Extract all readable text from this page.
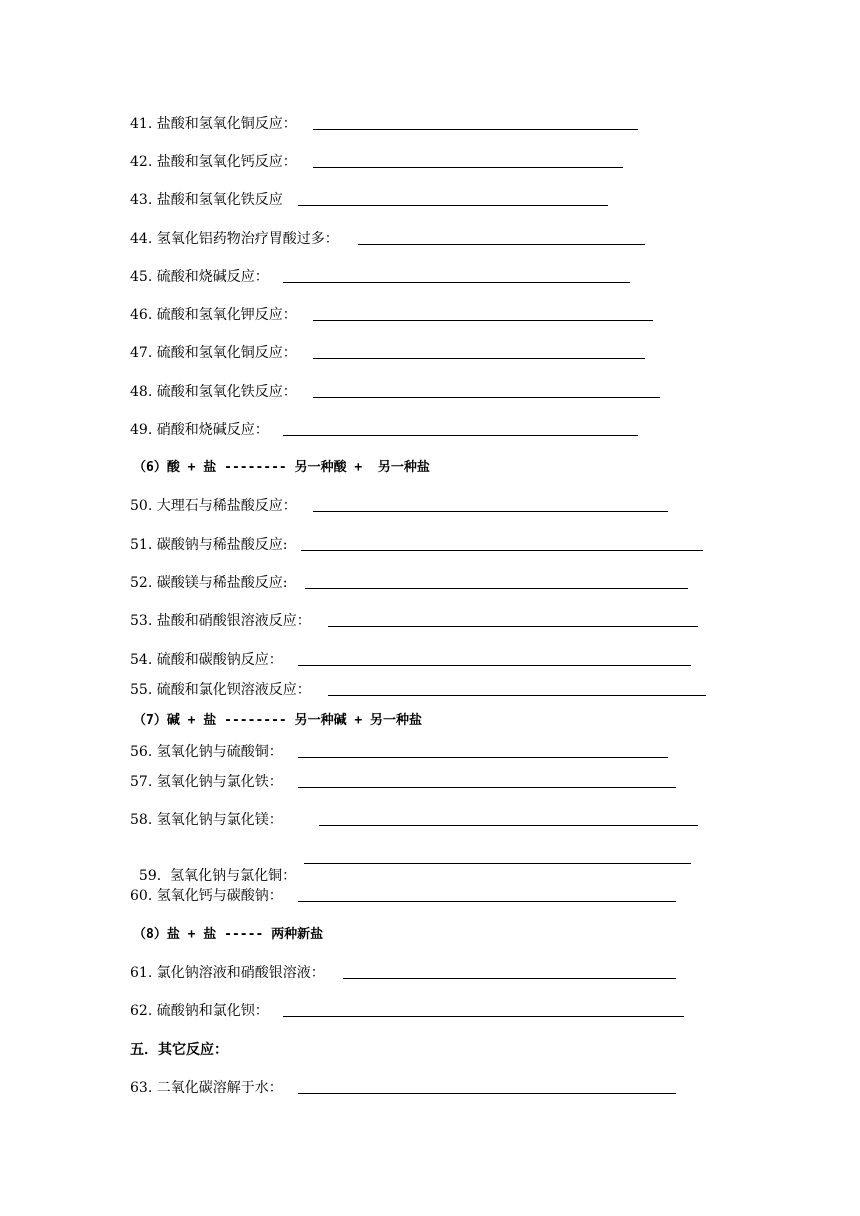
41. 盐酸和氢氧化铜反应：
42. 盐酸和氢氧化钙反应：
43. 盐酸和氢氧化铁反应
44. 氢氧化铝药物治疗胃酸过多：
45. 硫酸和烧碱反应：
46. 硫酸和氢氧化钾反应：
47. 硫酸和氢氧化铜反应：
48. 硫酸和氢氧化铁反应：
49. 硝酸和烧碱反应：
（6）酸 + 盐 -------- 另一种酸 +  另一种盐
50. 大理石与稀盐酸反应：
51. 碳酸钠与稀盐酸反应:
52. 碳酸镁与稀盐酸反应:
53. 盐酸和硝酸银溶液反应：
54. 硫酸和碳酸钠反应：
55. 硫酸和氯化钡溶液反应：
（7）碱 + 盐 -------- 另一种碱 + 另一种盐
56. 氢氧化钠与硫酸铜：
57. 氢氧化钠与氯化铁：
58. 氢氧化钠与氯化镁：

59.  氢氧化钠与氯化铜：

60. 氢氧化钙与碳酸钠：
（8）盐 + 盐 ----- 两种新盐
61. 氯化钠溶液和硝酸银溶液：
62. 硫酸钠和氯化钡：
五．其它反应：
63. 二氧化碳溶解于水：
